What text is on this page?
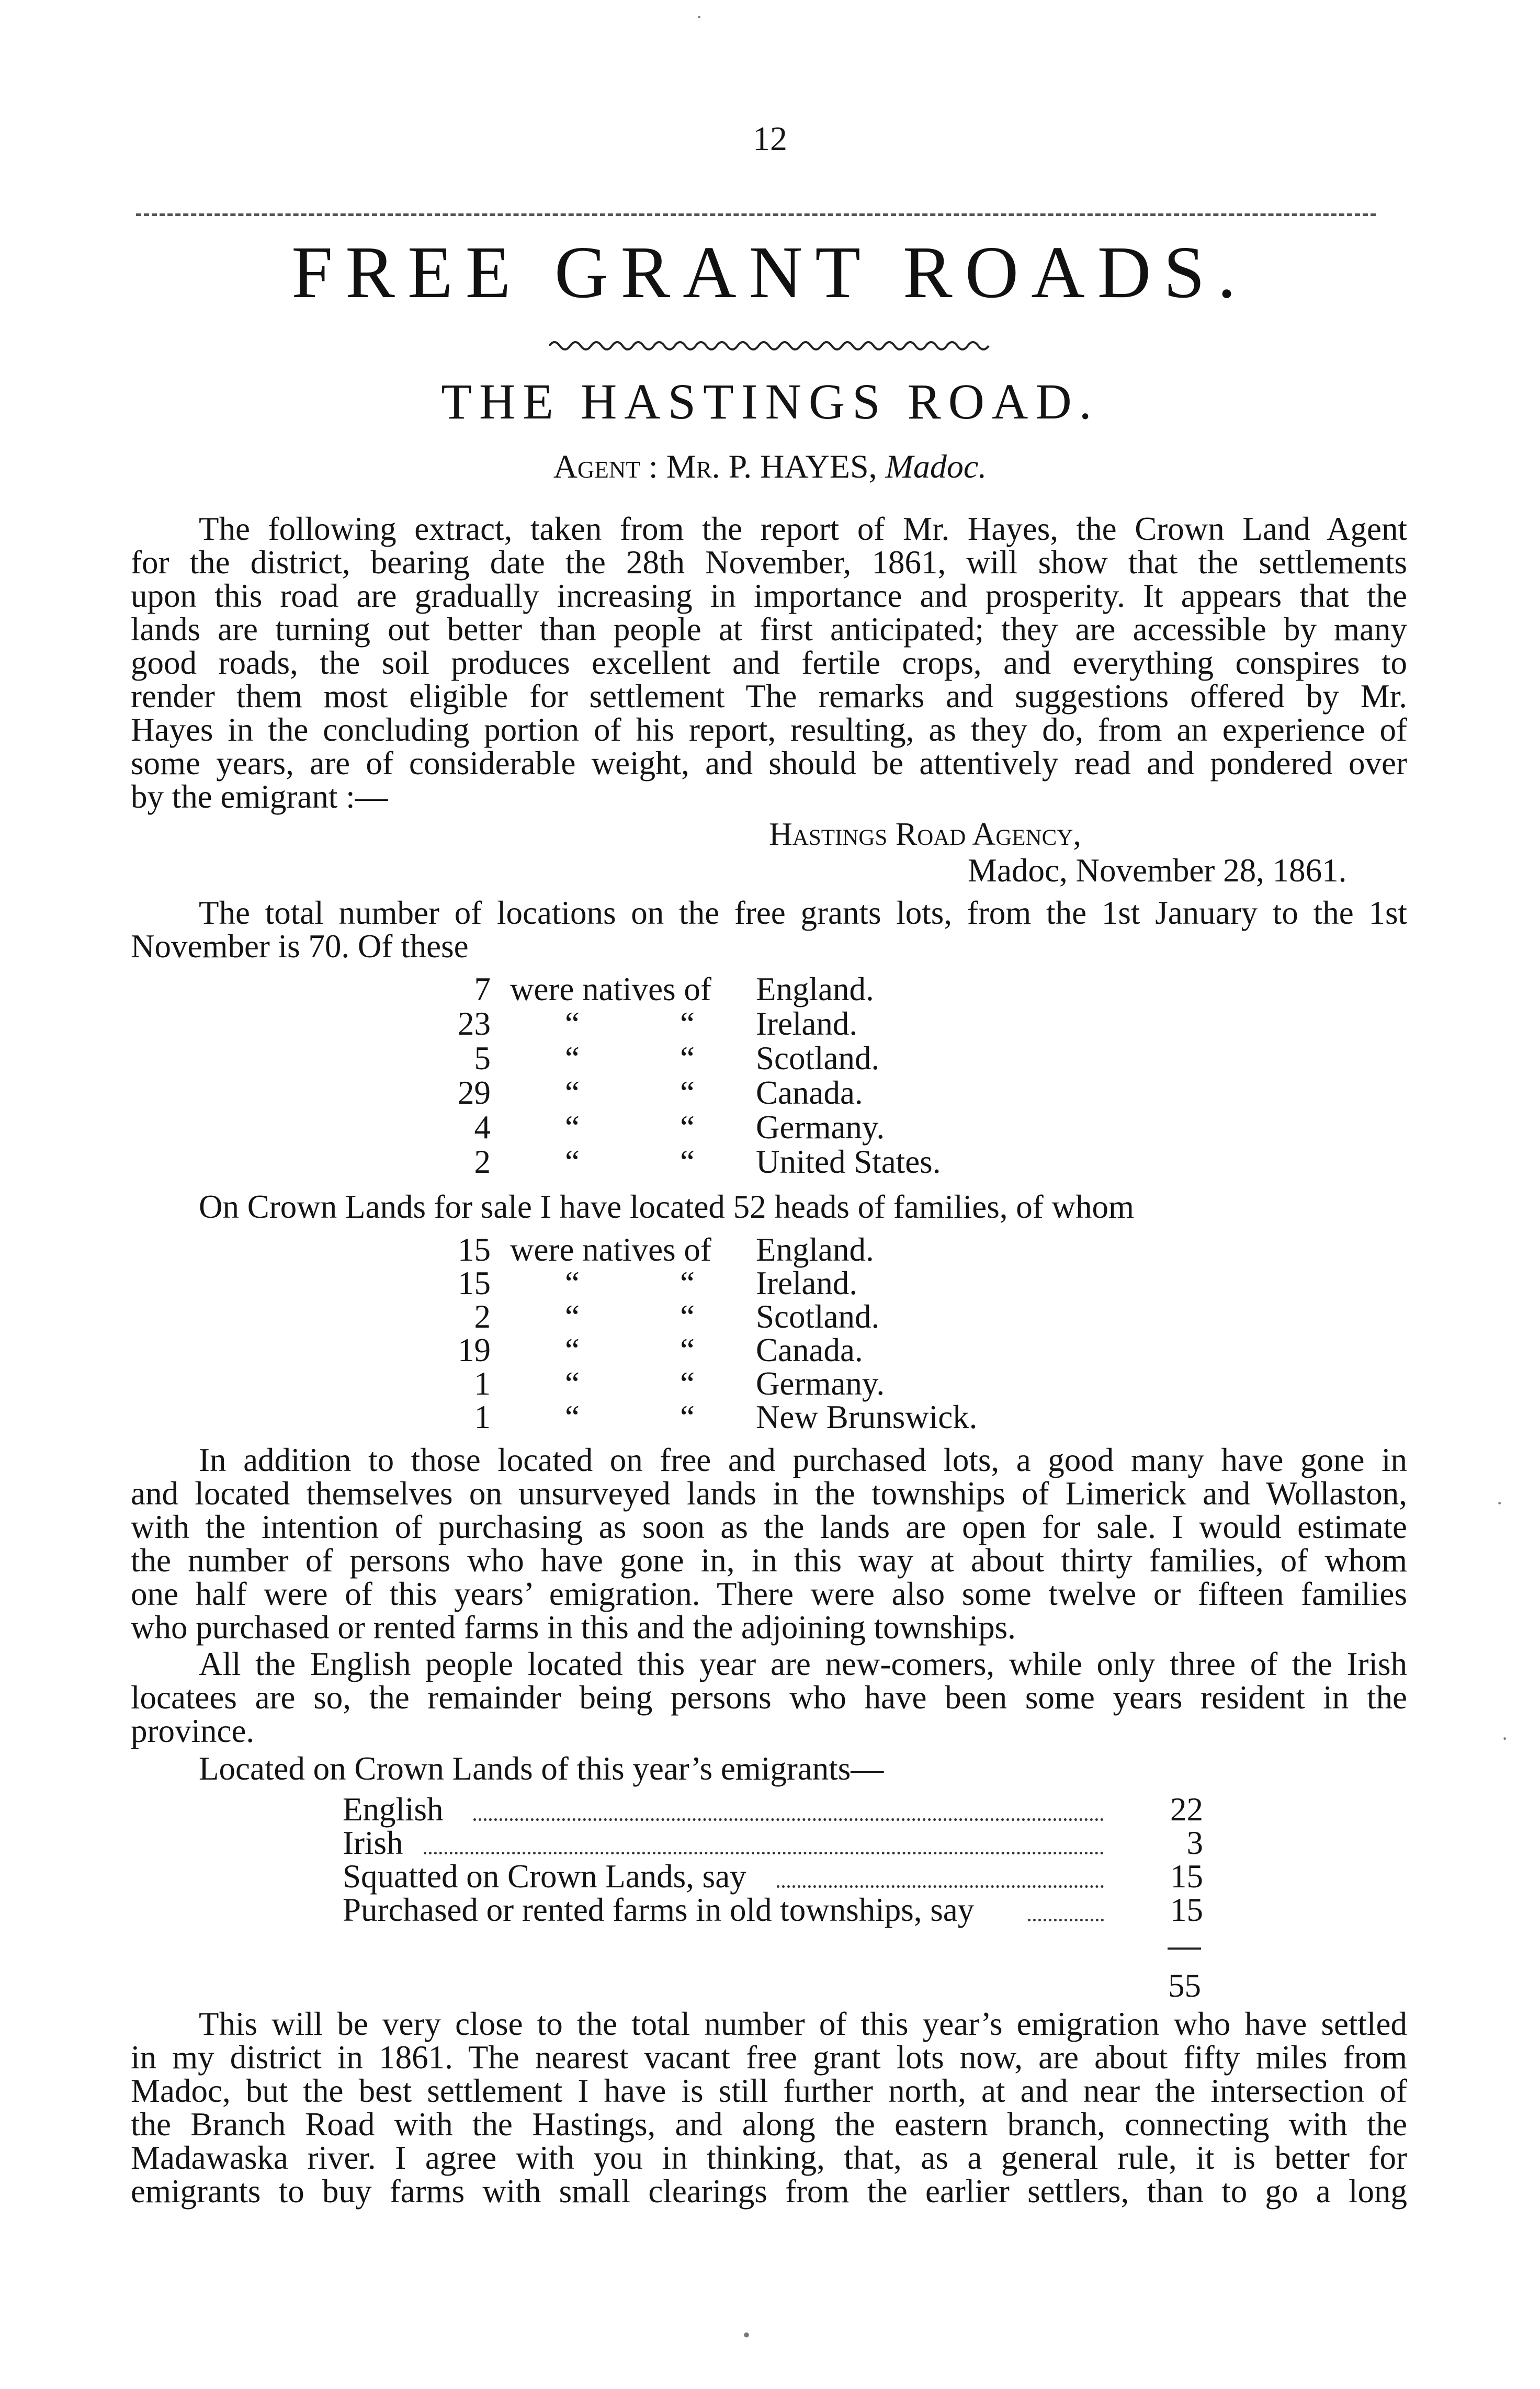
12
FREE GRANT ROADS.
THE HASTINGS ROAD.
Agent : Mr. P. HAYES, Madoc.
The following extract, taken from the report of Mr. Hayes, the Crown Land Agent
for the district, bearing date the 28th November, 1861, will show that the settlements
upon this road are gradually increasing in importance and prosperity. It appears that the
lands are turning out better than people at first anticipated; they are accessible by many
good roads, the soil produces excellent and fertile crops, and everything conspires to
render them most eligible for settlement The remarks and suggestions offered by Mr.
Hayes in the concluding portion of his report, resulting, as they do, from an experience of
some years, are of considerable weight, and should be attentively read and pondered over
by the emigrant :—
Hastings Road Agency,
Madoc, November 28, 1861.
The total number of locations on the free grants lots, from the 1st January to the 1st
November is 70. Of these
7 were natives of England.
23 “	“ Ireland.
5 “	“ Scotland.
29 “	“ Canada.
4 “	“ Germany.
2 “	“ United States.
On Crown Lands for sale I have located 52 heads of families, of whom
15 were natives of England.
15 “	“ Ireland.
2 “	“ Scotland.
19 “	“ Canada.
1 “	“ Germany.
1 “	“ New Brunswick.
In addition to those located on free and purchased lots, a good many have gone in
and located themselves on unsurveyed lands in the townships of Limerick and Wollaston,
with the intention of purchasing as soon as the lands are open for sale. I would estimate
the number of persons who have gone in, in this way at about thirty families, of whom
one half were of this years’ emigration. There were also some twelve or fifteen families
who purchased or rented farms in this and the adjoining townships.
All the English people located this year are new-comers, while only three of the Irish
locatees are so, the remainder being persons who have been some years resident in the
province.
Located on Crown Lands of this year’s emigrants—
English	22
Irish	3
Squatted on Crown Lands, say	15
Purchased or rented farms in old townships, say	15
55
This will be very close to the total number of this year’s emigration who have settled
in my district in 1861. The nearest vacant free grant lots now, are about fifty miles from
Madoc, but the best settlement I have is still further north, at and near the intersection of
the Branch Road with the Hastings, and along the eastern branch, connecting with the
Madawaska river. I agree with you in thinking, that, as a general rule, it is better for
emigrants to buy farms with small clearings from the earlier settlers, than to go a long
˙
·
·
•
